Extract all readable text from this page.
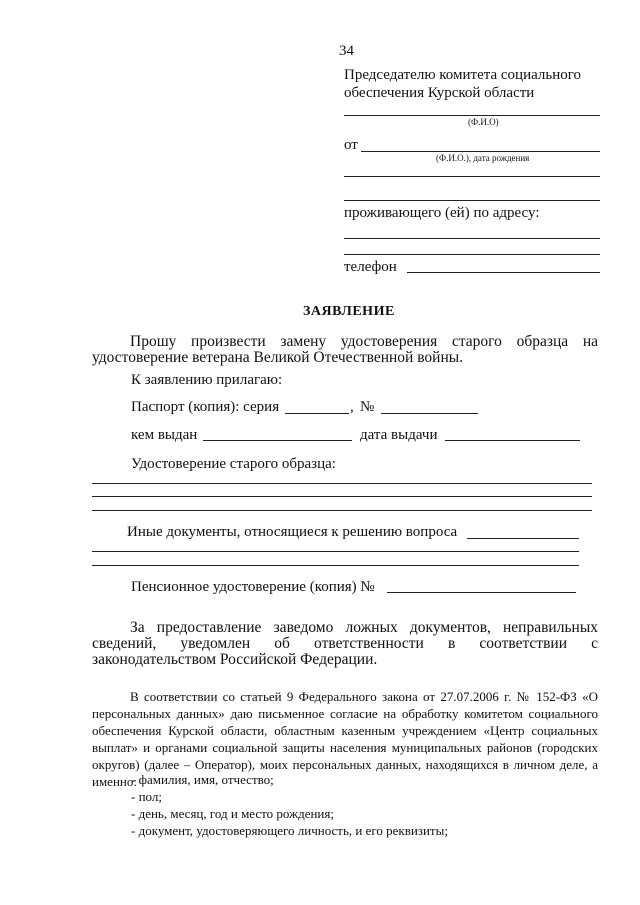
34
Председателю комитета социального
обеспечения Курской области
(Ф.И.О)
от
(Ф.И.О.), дата рождения
проживающего (ей) по адресу:
телефон
ЗАЯВЛЕНИЕ
Прошу произвести замену удостоверения старого образца на удостоверение ветерана Великой Отечественной войны.
К заявлению прилагаю:
Паспорт (копия): серия	, №
кем выдан	дата выдачи
Удостоверение старого образца:
Иные документы, относящиеся к решению вопроса
Пенсионное удостоверение (копия) №
За предоставление заведомо ложных документов, неправильных сведений, уведомлен об ответственности в соответствии с законодательством Российской Федерации.
В соответствии со статьей 9 Федерального закона от 27.07.2006 г. № 152-ФЗ «О персональных данных» даю письменное согласие на обработку комитетом социального обеспечения Курской области, областным казенным учреждением «Центр социальных выплат» и органами социальной защиты населения муниципальных районов (городских округов) (далее – Оператор), моих персональных данных, находящихся в личном деле, а именно:
- фамилия, имя, отчество;
- пол;
- день, месяц, год и место рождения;
- документ, удостоверяющего личность, и его реквизиты;
